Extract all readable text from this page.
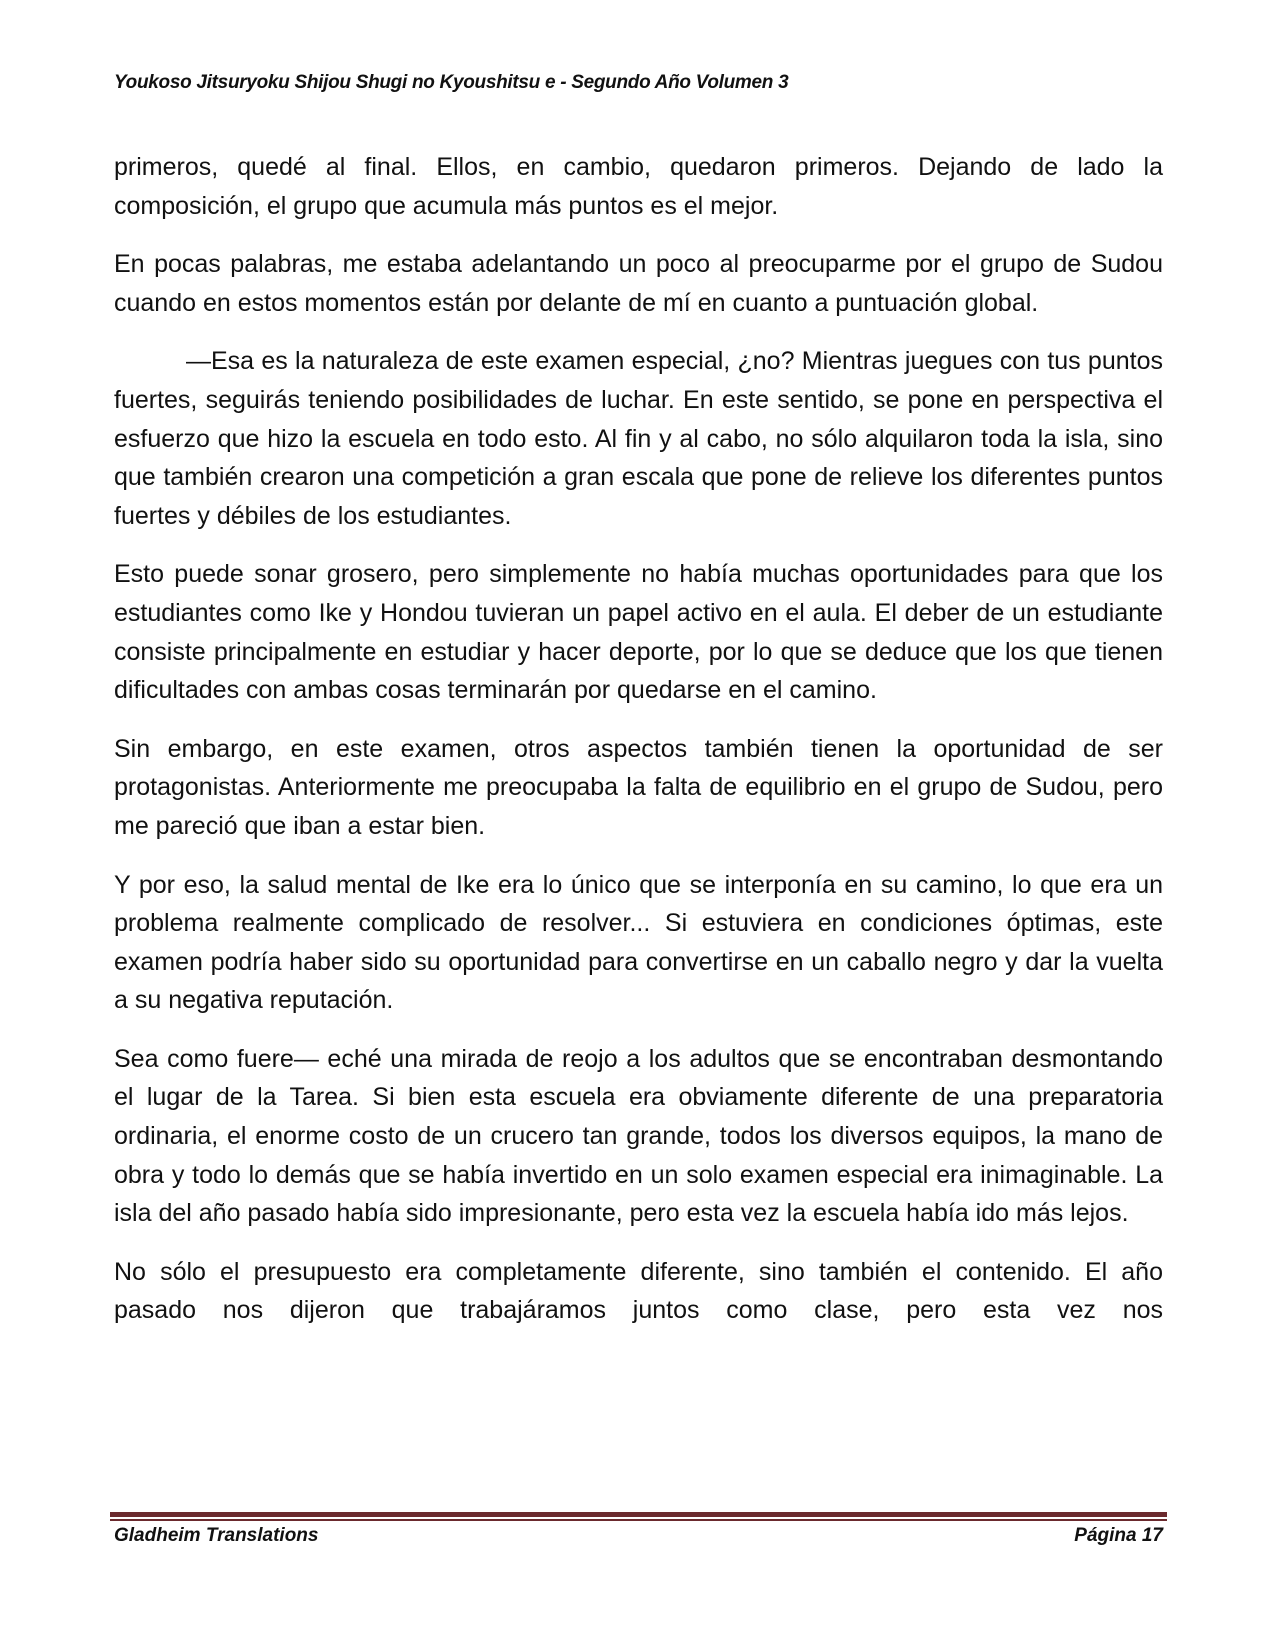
Youkoso Jitsuryoku Shijou Shugi no Kyoushitsu e - Segundo Año Volumen 3

primeros, quedé al final. Ellos, en cambio, quedaron primeros. Dejando de lado la composición, el grupo que acumula más puntos es el mejor.

En pocas palabras, me estaba adelantando un poco al preocuparme por el grupo de Sudou cuando en estos momentos están por delante de mí en cuanto a puntuación global.

—Esa es la naturaleza de este examen especial, ¿no? Mientras juegues con tus puntos fuertes, seguirás teniendo posibilidades de luchar. En este sentido, se pone en perspectiva el esfuerzo que hizo la escuela en todo esto. Al fin y al cabo, no sólo alquilaron toda la isla, sino que también crearon una competición a gran escala que pone de relieve los diferentes puntos fuertes y débiles de los estudiantes.

Esto puede sonar grosero, pero simplemente no había muchas oportunidades para que los estudiantes como Ike y Hondou tuvieran un papel activo en el aula. El deber de un estudiante consiste principalmente en estudiar y hacer deporte, por lo que se deduce que los que tienen dificultades con ambas cosas terminarán por quedarse en el camino.

Sin embargo, en este examen, otros aspectos también tienen la oportunidad de ser protagonistas. Anteriormente me preocupaba la falta de equilibrio en el grupo de Sudou, pero me pareció que iban a estar bien.

Y por eso, la salud mental de Ike era lo único que se interponía en su camino, lo que era un problema realmente complicado de resolver... Si estuviera en condiciones óptimas, este examen podría haber sido su oportunidad para convertirse en un caballo negro y dar la vuelta a su negativa reputación.

Sea como fuere— eché una mirada de reojo a los adultos que se encontraban desmontando el lugar de la Tarea. Si bien esta escuela era obviamente diferente de una preparatoria ordinaria, el enorme costo de un crucero tan grande, todos los diversos equipos, la mano de obra y todo lo demás que se había invertido en un solo examen especial era inimaginable. La isla del año pasado había sido impresionante, pero esta vez la escuela había ido más lejos.

No sólo el presupuesto era completamente diferente, sino también el contenido. El año pasado nos dijeron que trabajáramos juntos como clase, pero esta vez nos

Gladheim Translations	Página 17
